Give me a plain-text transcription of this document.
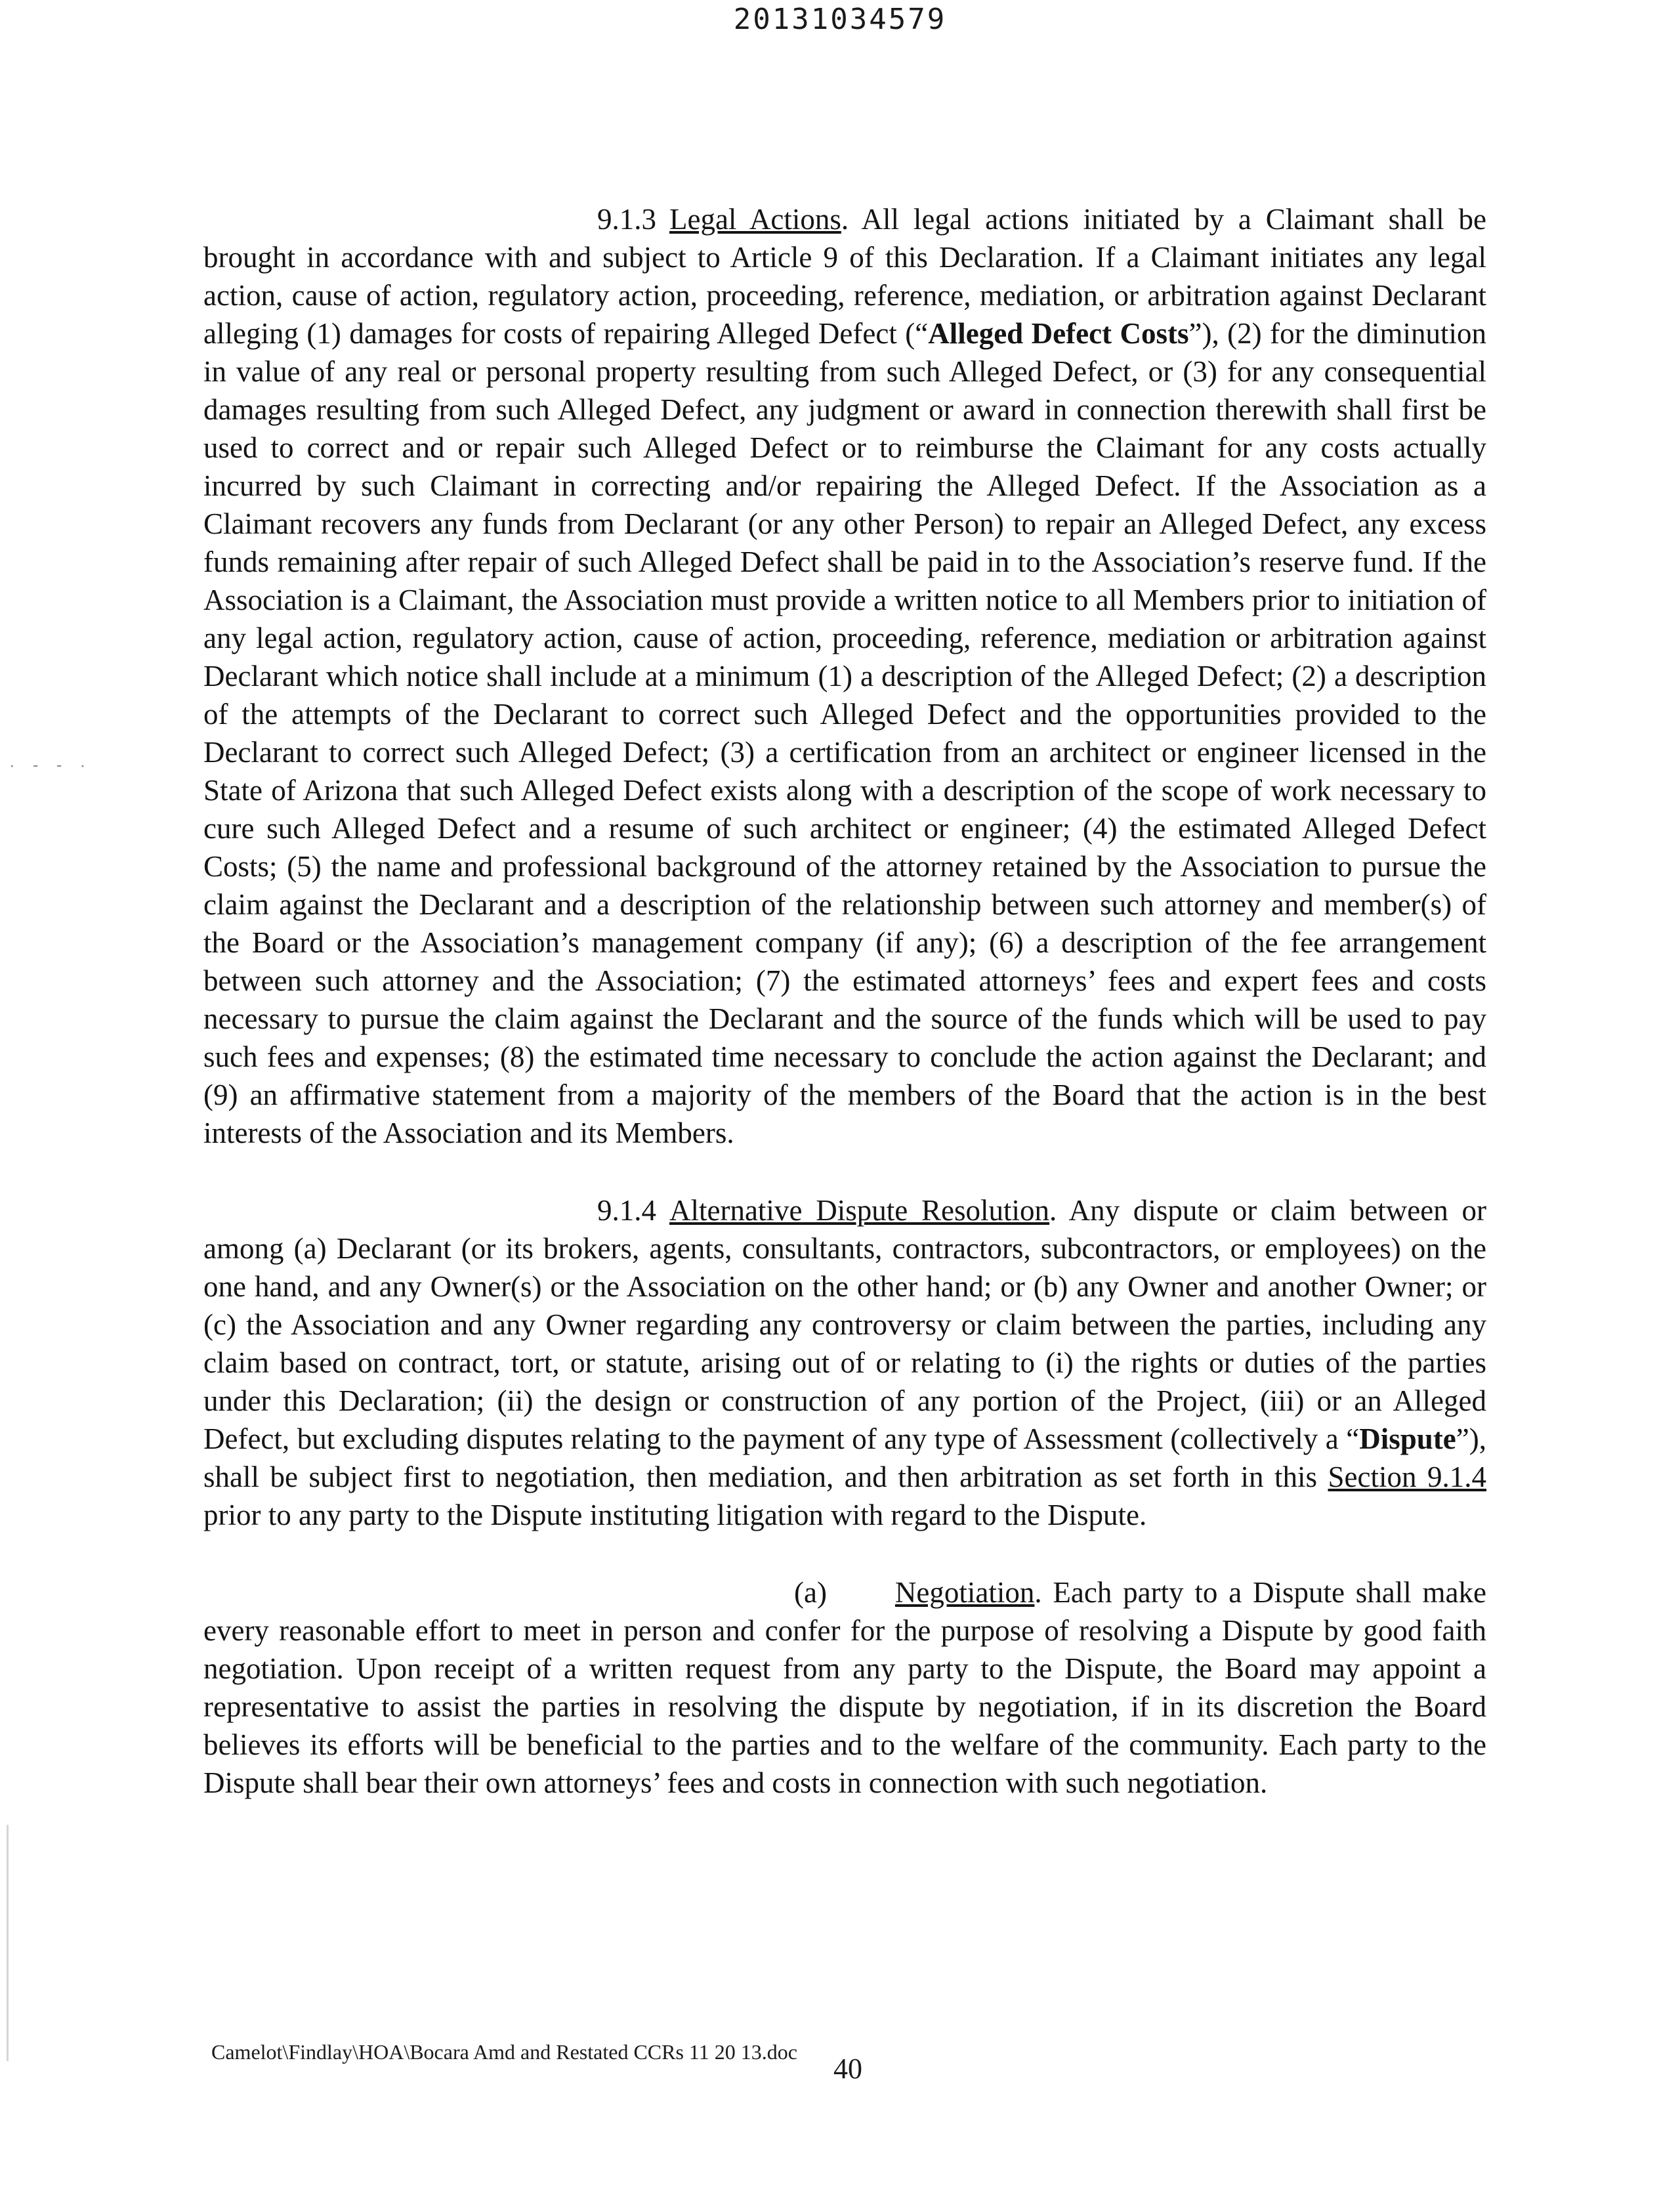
20131034579
· - - ·

9.1.3 Legal Actions. All legal actions initiated by a Claimant shall be brought in accordance with and subject to Article 9 of this Declaration. If a Claimant initiates any legal action, cause of action, regulatory action, proceeding, reference, mediation, or arbitration against Declarant alleging (1) damages for costs of repairing Alleged Defect (“Alleged Defect Costs”), (2) for the diminution in value of any real or personal property resulting from such Alleged Defect, or (3) for any consequential damages resulting from such Alleged Defect, any judgment or award in connection therewith shall first be used to correct and or repair such Alleged Defect or to reimburse the Claimant for any costs actually incurred by such Claimant in correcting and/or repairing the Alleged Defect. If the Association as a Claimant recovers any funds from Declarant (or any other Person) to repair an Alleged Defect, any excess funds remaining after repair of such Alleged Defect shall be paid in to the Association’s reserve fund. If the Association is a Claimant, the Association must provide a written notice to all Members prior to initiation of any legal action, regulatory action, cause of action, proceeding, reference, mediation or arbitration against Declarant which notice shall include at a minimum (1) a description of the Alleged Defect; (2) a description of the attempts of the Declarant to correct such Alleged Defect and the opportunities provided to the Declarant to correct such Alleged Defect; (3) a certification from an architect or engineer licensed in the State of Arizona that such Alleged Defect exists along with a description of the scope of work necessary to cure such Alleged Defect and a resume of such architect or engineer; (4) the estimated Alleged Defect Costs; (5) the name and professional background of the attorney retained by the Association to pursue the claim against the Declarant and a description of the relationship between such attorney and member(s) of the Board or the Association’s management company (if any); (6) a description of the fee arrangement between such attorney and the Association; (7) the estimated attorneys’ fees and expert fees and costs necessary to pursue the claim against the Declarant and the source of the funds which will be used to pay such fees and expenses; (8) the estimated time necessary to conclude the action against the Declarant; and (9) an affirmative statement from a majority of the members of the Board that the action is in the best interests of the Association and its Members.

9.1.4 Alternative Dispute Resolution. Any dispute or claim between or among (a) Declarant (or its brokers, agents, consultants, contractors, subcontractors, or employees) on the one hand, and any Owner(s) or the Association on the other hand; or (b) any Owner and another Owner; or (c) the Association and any Owner regarding any controversy or claim between the parties, including any claim based on contract, tort, or statute, arising out of or relating to (i) the rights or duties of the parties under this Declaration; (ii) the design or construction of any portion of the Project, (iii) or an Alleged Defect, but excluding disputes relating to the payment of any type of Assessment (collectively a “Dispute”), shall be subject first to negotiation, then mediation, and then arbitration as set forth in this Section 9.1.4 prior to any party to the Dispute instituting litigation with regard to the Dispute.

(a) Negotiation. Each party to a Dispute shall make every reasonable effort to meet in person and confer for the purpose of resolving a Dispute by good faith negotiation. Upon receipt of a written request from any party to the Dispute, the Board may appoint a representative to assist the parties in resolving the dispute by negotiation, if in its discretion the Board believes its efforts will be beneficial to the parties and to the welfare of the community. Each party to the Dispute shall bear their own attorneys’ fees and costs in connection with such negotiation.

Camelot\Findlay\HOA\Bocara Amd and Restated CCRs 11 20 13.doc
40
